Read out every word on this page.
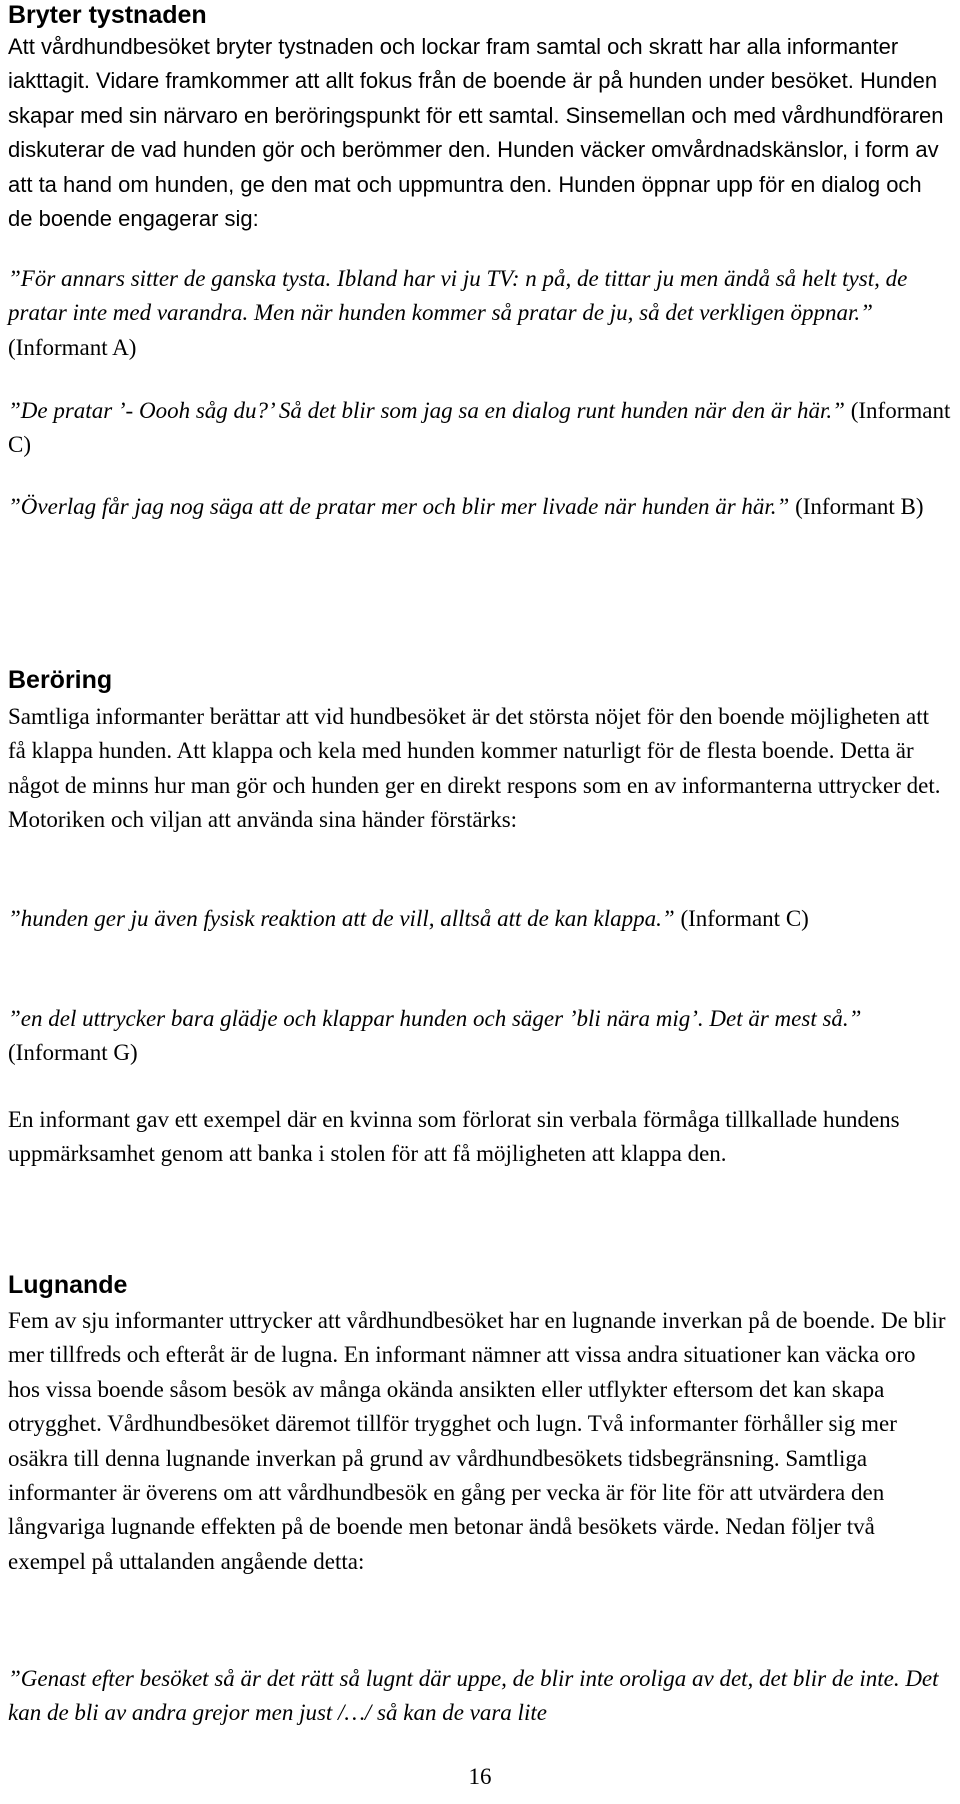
Bryter tystnaden

Att vårdhundbesöket bryter tystnaden och lockar fram samtal och skratt har alla informanter iakttagit. Vidare framkommer att allt fokus från de boende är på hunden under besöket. Hunden skapar med sin närvaro en beröringspunkt för ett samtal. Sinsemellan och med vårdhundföraren diskuterar de vad hunden gör och berömmer den. Hunden väcker omvårdnadskänslor, i form av att ta hand om hunden, ge den mat och uppmuntra den. Hunden öppnar upp för en dialog och de boende engagerar sig:

”För annars sitter de ganska tysta. Ibland har vi ju TV: n på, de tittar ju men ändå så helt tyst, de pratar inte med varandra. Men när hunden kommer så pratar de ju, så det verkligen öppnar.” (Informant A)

”De pratar ’- Oooh såg du?’ Så det blir som jag sa en dialog runt hunden när den är här.” (Informant C)

”Överlag får jag nog säga att de pratar mer och blir mer livade när hunden är här.” (Informant B)

Beröring

Samtliga informanter berättar att vid hundbesöket är det största nöjet för den boende möjligheten att få klappa hunden. Att klappa och kela med hunden kommer naturligt för de flesta boende. Detta är något de minns hur man gör och hunden ger en direkt respons som en av informanterna uttrycker det. Motoriken och viljan att använda sina händer förstärks:

”hunden ger ju även fysisk reaktion att de vill, alltså att de kan klappa.” (Informant C)

”en del uttrycker bara glädje och klappar hunden och säger ’bli nära mig’. Det är mest så.” (Informant G)

En informant gav ett exempel där en kvinna som förlorat sin verbala förmåga tillkallade hundens uppmärksamhet genom att banka i stolen för att få möjligheten att klappa den.

Lugnande

Fem av sju informanter uttrycker att vårdhundbesöket har en lugnande inverkan på de boende. De blir mer tillfreds och efteråt är de lugna. En informant nämner att vissa andra situationer kan väcka oro hos vissa boende såsom besök av många okända ansikten eller utflykter eftersom det kan skapa otrygghet. Vårdhundbesöket däremot tillför trygghet och lugn. Två informanter förhåller sig mer osäkra till denna lugnande inverkan på grund av vårdhundbesökets tidsbegränsning. Samtliga informanter är överens om att vårdhundbesök en gång per vecka är för lite för att utvärdera den långvariga lugnande effekten på de boende men betonar ändå besökets värde. Nedan följer två exempel på uttalanden angående detta:

”Genast efter besöket så är det rätt så lugnt där uppe, de blir inte oroliga av det, det blir de inte. Det kan de bli av andra grejor men just /…/ så kan de vara lite

16
